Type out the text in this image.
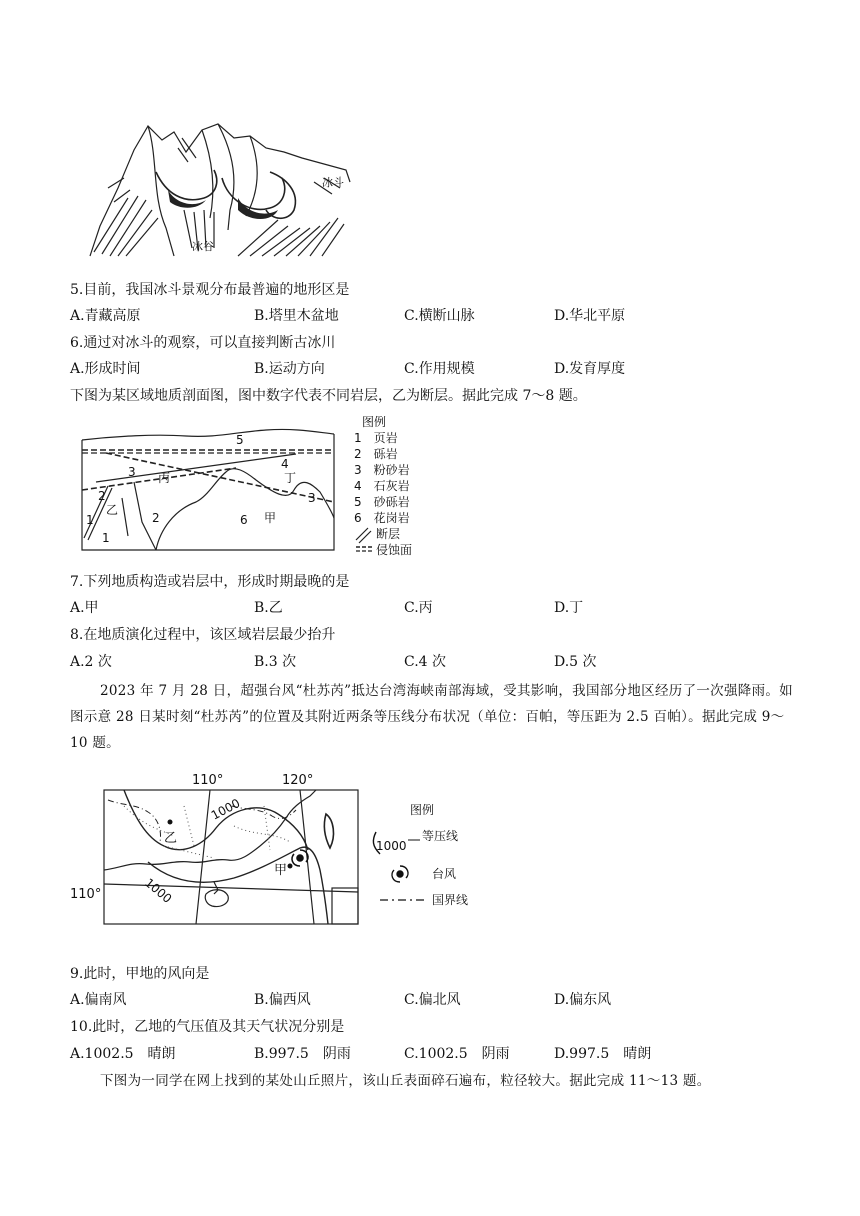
冰斗
冰谷
5.目前，我国冰斗景观分布最普遍的地形区是
A.青藏高原	B.塔里木盆地	C.横断山脉	D.华北平原
6.通过对冰斗的观察，可以直接判断古冰川
A.形成时间	B.运动方向	C.作用规模	D.发育厚度
下图为某区域地质剖面图，图中数字代表不同岩层，乙为断层。据此完成 7～8 题。
5
4
3
3
2
2
1
1
6
丙	丁
乙
甲
图例
1　页岩
2　砾岩
3　粉砂岩
4　石灰岩
5　砂砾岩
6　花岗岩
断层
侵蚀面
7.下列地质构造或岩层中，形成时期最晚的是
A.甲	B.乙	C.丙	D.丁
8.在地质演化过程中，该区域岩层最少抬升
A.2 次	B.3 次	C.4 次	D.5 次
2023 年 7 月 28 日，超强台风“杜苏芮”抵达台湾海峡南部海域，受其影响，我国部分地区经历了一次强降雨。如图示意 28 日某时刻“杜苏芮”的位置及其附近两条等压线分布状况（单位：百帕，等压距为 2.5 百帕）。据此完成 9～10 题。
110°	120°
110°
1000
1000
乙
甲
图例
1000
等压线
台风
国界线
9.此时，甲地的风向是
A.偏南风	B.偏西风	C.偏北风	D.偏东风
10.此时，乙地的气压值及其天气状况分别是
A.1002.5　晴朗	B.997.5　阴雨	C.1002.5　阴雨	D.997.5　晴朗
下图为一同学在网上找到的某处山丘照片，该山丘表面碎石遍布，粒径较大。据此完成 11～13 题。
